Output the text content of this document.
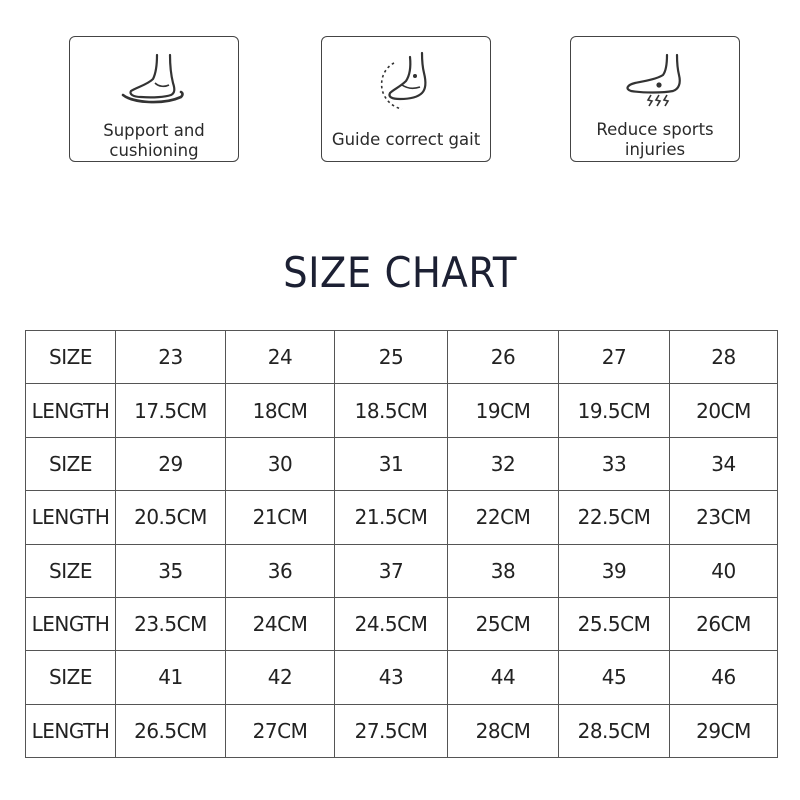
Support and
cushioning
Guide correct gait
Reduce sports
injuries
SIZE CHART
SIZE	23	24	25	26	27	28
LENGTH	17.5CM	18CM	18.5CM	19CM	19.5CM	20CM
SIZE	29	30	31	32	33	34
LENGTH	20.5CM	21CM	21.5CM	22CM	22.5CM	23CM
SIZE	35	36	37	38	39	40
LENGTH	23.5CM	24CM	24.5CM	25CM	25.5CM	26CM
SIZE	41	42	43	44	45	46
LENGTH	26.5CM	27CM	27.5CM	28CM	28.5CM	29CM
